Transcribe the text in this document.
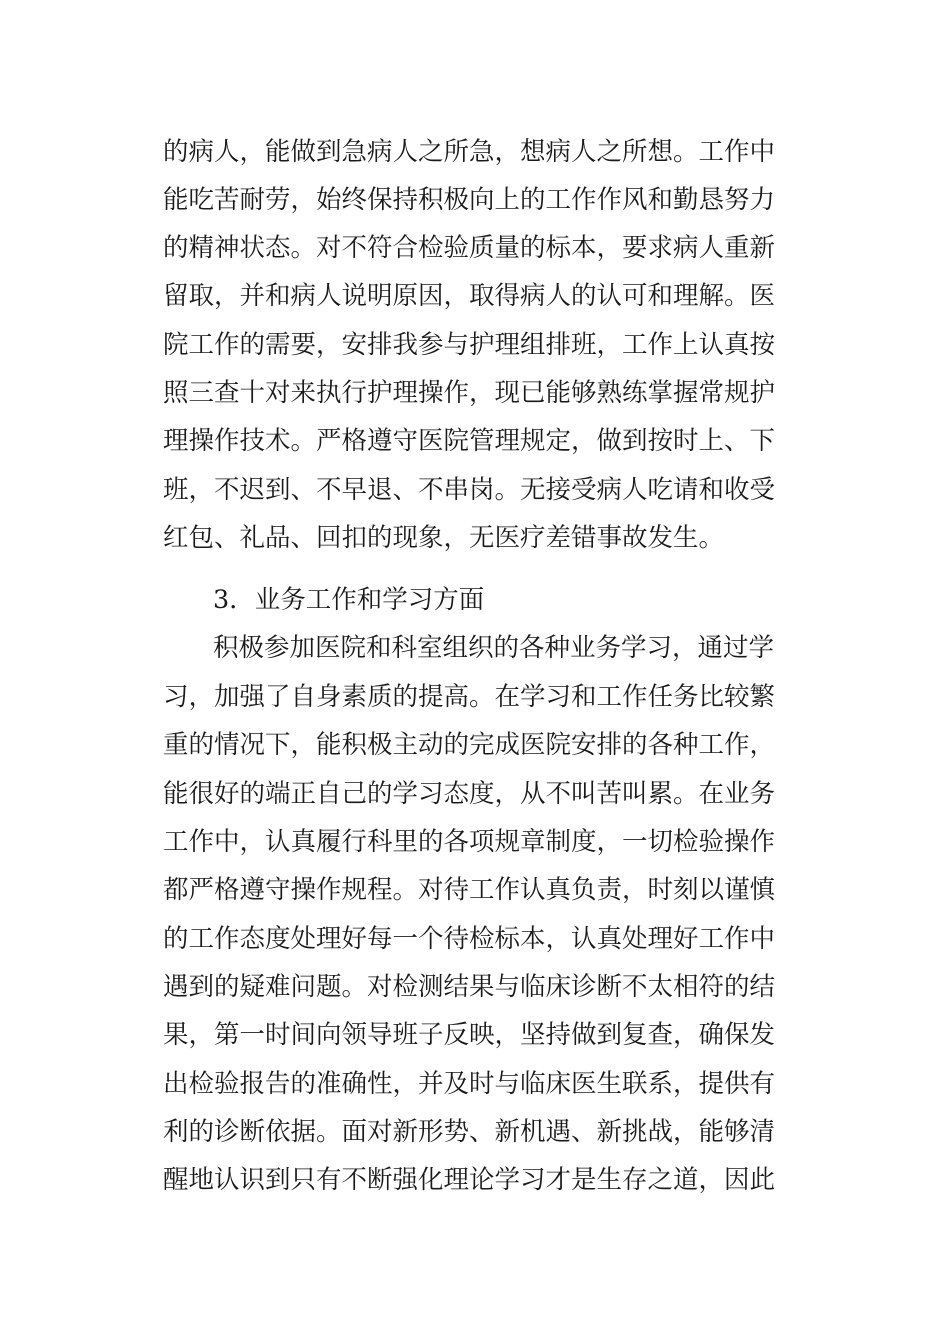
的病人，能做到急病人之所急，想病人之所想。工作中
能吃苦耐劳，始终保持积极向上的工作作风和勤恳努力
的精神状态。对不符合检验质量的标本，要求病人重新
留取，并和病人说明原因，取得病人的认可和理解。医
院工作的需要，安排我参与护理组排班，工作上认真按
照三查十对来执行护理操作，现已能够熟练掌握常规护
理操作技术。严格遵守医院管理规定，做到按时上、下
班，不迟到、不早退、不串岗。无接受病人吃请和收受
红包、礼品、回扣的现象，无医疗差错事故发生。
3．业务工作和学习方面
积极参加医院和科室组织的各种业务学习，通过学
习，加强了自身素质的提高。在学习和工作任务比较繁
重的情况下，能积极主动的完成医院安排的各种工作，
能很好的端正自己的学习态度，从不叫苦叫累。在业务
工作中，认真履行科里的各项规章制度，一切检验操作
都严格遵守操作规程。对待工作认真负责，时刻以谨慎
的工作态度处理好每一个待检标本，认真处理好工作中
遇到的疑难问题。对检测结果与临床诊断不太相符的结
果，第一时间向领导班子反映，坚持做到复查，确保发
出检验报告的准确性，并及时与临床医生联系，提供有
利的诊断依据。面对新形势、新机遇、新挑战，能够清
醒地认识到只有不断强化理论学习才是生存之道，因此
